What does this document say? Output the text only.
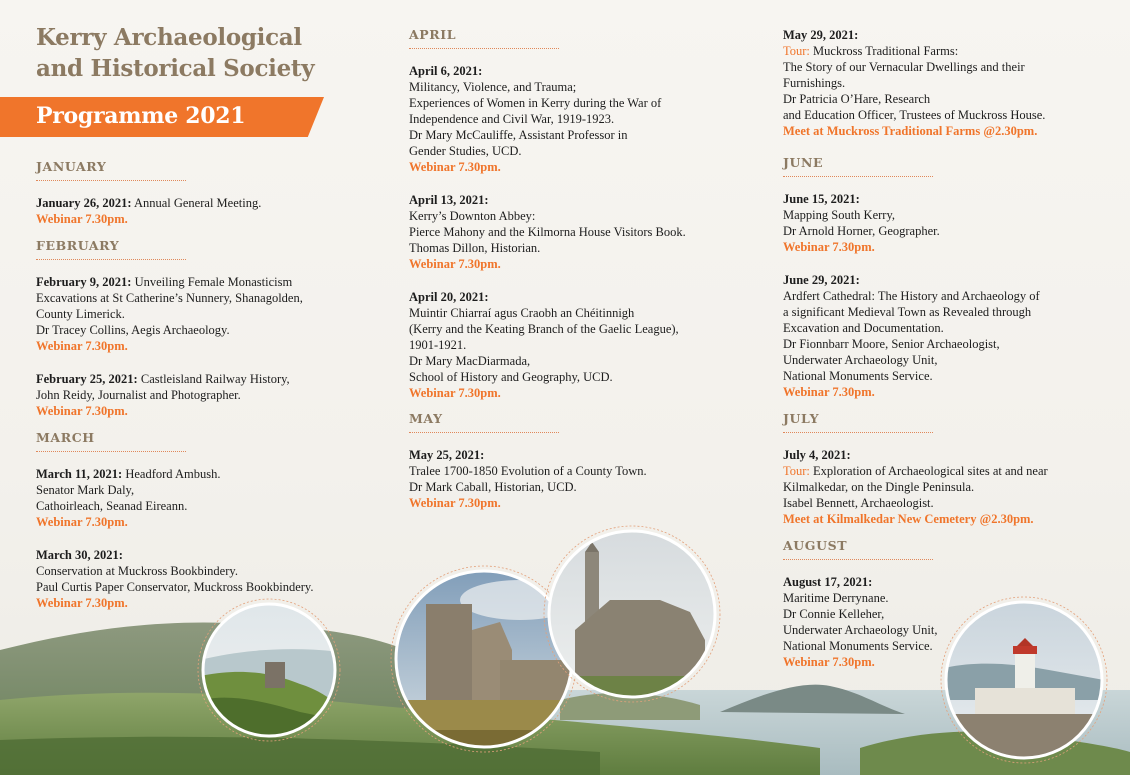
Kerry Archaeological
and Historical Society
Programme 2021
JANUARY

January 26, 2021: Annual General Meeting.

Webinar 7.30pm.

FEBRUARY

February 9, 2021: Unveiling Female Monasticism

Excavations at St Catherine’s Nunnery, Shanagolden,

County Limerick.

Dr Tracey Collins, Aegis Archaeology.

Webinar 7.30pm.

February 25, 2021: Castleisland Railway History,

John Reidy, Journalist and Photographer.

Webinar 7.30pm.

MARCH

March 11, 2021: Headford Ambush.

Senator Mark Daly,

Cathoirleach, Seanad Eireann.

Webinar 7.30pm.

March 30, 2021:

Conservation at Muckross Bookbindery.

Paul Curtis Paper Conservator, Muckross Bookbindery.

Webinar 7.30pm.

APRIL

April 6, 2021:

Militancy, Violence, and Trauma;

Experiences of Women in Kerry during the War of

Independence and Civil War, 1919-1923.

Dr Mary McCauliffe, Assistant Professor in

Gender Studies, UCD.

Webinar 7.30pm.

April 13, 2021:

Kerry’s Downton Abbey:

Pierce Mahony and the Kilmorna House Visitors Book.

Thomas Dillon, Historian.

Webinar 7.30pm.

April 20, 2021:

Muintir Chiarraí agus Craobh an Chéitinnigh

(Kerry and the Keating Branch of the Gaelic League),

1901-1921.

Dr Mary MacDiarmada,

School of History and Geography, UCD.

Webinar 7.30pm.

MAY

May 25, 2021:

Tralee 1700-1850 Evolution of a County Town.

Dr Mark Caball, Historian, UCD.

Webinar 7.30pm.

May 29, 2021:

Tour: Muckross Traditional Farms:

The Story of our Vernacular Dwellings and their

Furnishings.

Dr Patricia O’Hare, Research

and Education Officer, Trustees of Muckross House.

Meet at Muckross Traditional Farms @2.30pm.

JUNE

June 15, 2021:

Mapping South Kerry,

Dr Arnold Horner, Geographer.

Webinar 7.30pm.

June 29, 2021:

Ardfert Cathedral: The History and Archaeology of

a significant Medieval Town as Revealed through

Excavation and Documentation.

Dr Fionnbarr Moore, Senior Archaeologist,

Underwater Archaeology Unit,

National Monuments Service.

Webinar 7.30pm.

JULY

July 4, 2021:

Tour: Exploration of Archaeological sites at and near

Kilmalkedar, on the Dingle Peninsula.

Isabel Bennett, Archaeologist.

Meet at Kilmalkedar New Cemetery @2.30pm.

AUGUST

August 17, 2021:

Maritime Derrynane.

Dr Connie Kelleher,

Underwater Archaeology Unit,

National Monuments Service.

Webinar 7.30pm.
